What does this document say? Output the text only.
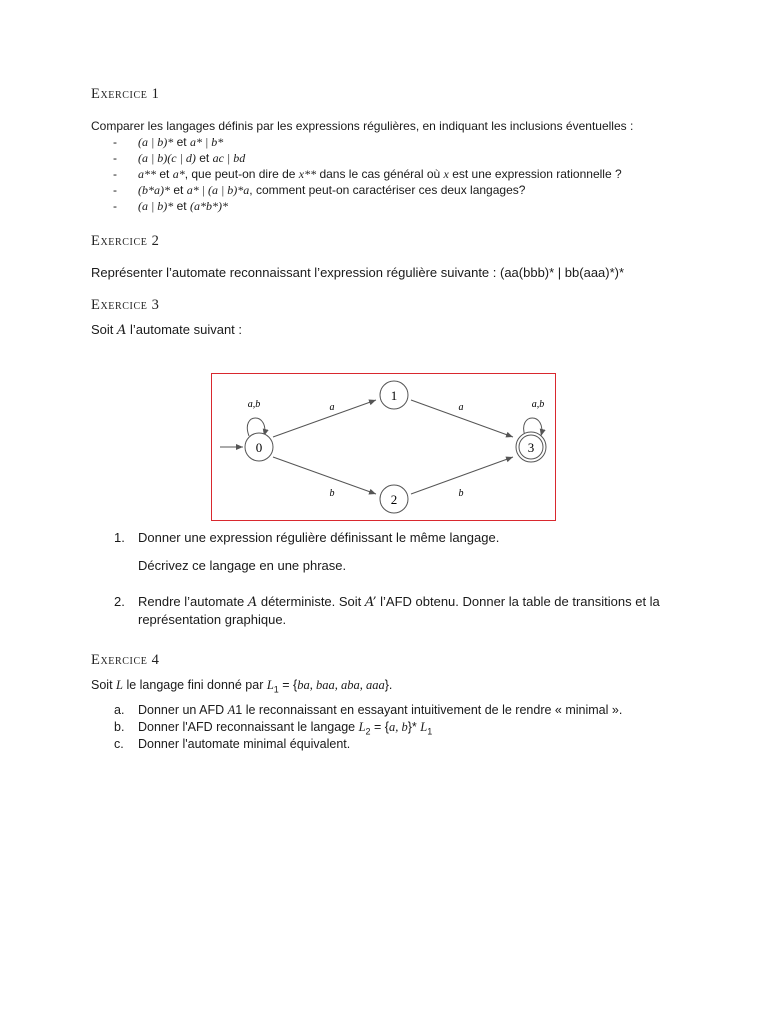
Exercice 1
Comparer les langages définis par les expressions régulières, en indiquant les inclusions éventuelles :
- (a | b)* et a* | b*
- (a | b)(c | d) et ac | bd
- a** et a*, que peut-on dire de x** dans le cas général où x est une expression rationnelle ?
- (b*a)* et a* | (a | b)*a, comment peut-on caractériser ces deux langages?
- (a | b)* et (a*b*)*
Exercice 2
Représenter l’automate reconnaissant l’expression régulière suivante : (aa(bbb)* | bb(aaa)*)*
Exercice 3
Soit A l’automate suivant :
a,b	a,b
a	a
b	b
0
1
2
3
1. Donner une expression régulière définissant le même langage.
Décrivez ce langage en une phrase.
2. Rendre l’automate A déterministe. Soit A’ l’AFD obtenu. Donner la table de transitions et la
représentation graphique.
Exercice 4
Soit L le langage fini donné par $L_1 = \{ba$, baa, aba, aaa}.
a. Donner un AFD A1 le reconnaissant en essayant intuitivement de le rendre « minimal ».
b. Donner l'AFD reconnaissant le langage $L_2 = \{a$, b}* $L_1$
c. Donner l'automate minimal équivalent.
